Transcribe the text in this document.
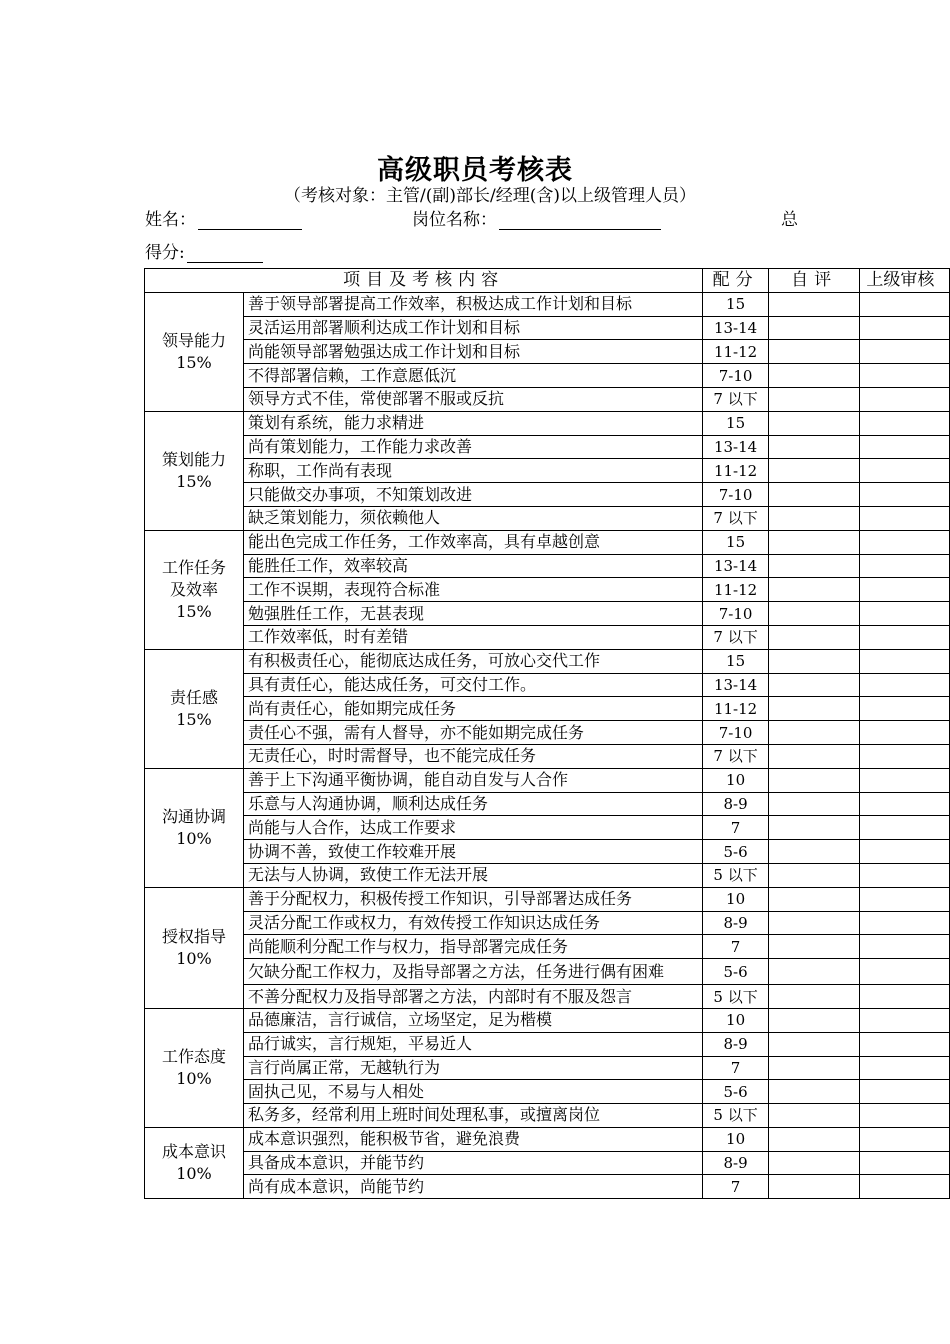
高级职员考核表
（考核对象：主管/(副)部长/经理(含)以上级管理人员）
姓名：	岗位名称：	总
得分:
项目及考核内容		配分	自评	上级审核

领导能力
15%	善于领导部署提高工作效率，积极达成工作计划和目标	15		
	灵活运用部署顺利达成工作计划和目标	13-14		
	尚能领导部署勉强达成工作计划和目标	11-12		
	不得部署信赖，工作意愿低沉	7-10		
	领导方式不佳，常使部署不服或反抗	7 以下		

策划能力
15%	策划有系统，能力求精进	15		
	尚有策划能力，工作能力求改善	13-14		
	称职，工作尚有表现	11-12		
	只能做交办事项，不知策划改进	7-10		
	缺乏策划能力，须依赖他人	7 以下		

工作任务
及效率
15%	能出色完成工作任务，工作效率高，具有卓越创意	15		
	能胜任工作，效率较高	13-14		
	工作不误期，表现符合标准	11-12		
	勉强胜任工作，无甚表现	7-10		
	工作效率低，时有差错	7 以下		

责任感
15%	有积极责任心，能彻底达成任务，可放心交代工作	15		
	具有责任心，能达成任务，可交付工作。	13-14		
	尚有责任心，能如期完成任务	11-12		
	责任心不强，需有人督导，亦不能如期完成任务	7-10		
	无责任心，时时需督导，也不能完成任务	7 以下		

沟通协调
10%	善于上下沟通平衡协调，能自动自发与人合作	10		
	乐意与人沟通协调，顺利达成任务	8-9		
	尚能与人合作，达成工作要求	7		
	协调不善，致使工作较难开展	5-6		
	无法与人协调，致使工作无法开展	5 以下		

授权指导
10%	善于分配权力，积极传授工作知识，引导部署达成任务	10		
	灵活分配工作或权力，有效传授工作知识达成任务	8-9		
	尚能顺利分配工作与权力，指导部署完成任务	7		
	欠缺分配工作权力，及指导部署之方法，任务进行偶有困难	5-6		
	不善分配权力及指导部署之方法，内部时有不服及怨言	5 以下		

工作态度
10%	品德廉洁，言行诚信，立场坚定，足为楷模	10		
	品行诚实，言行规矩，平易近人	8-9		
	言行尚属正常，无越轨行为	7		
	固执己见，不易与人相处	5-6		
	私务多，经常利用上班时间处理私事，或擅离岗位	5 以下		

成本意识
10%	成本意识强烈，能积极节省，避免浪费	10		
	具备成本意识，并能节约	8-9		
	尚有成本意识，尚能节约	7		
